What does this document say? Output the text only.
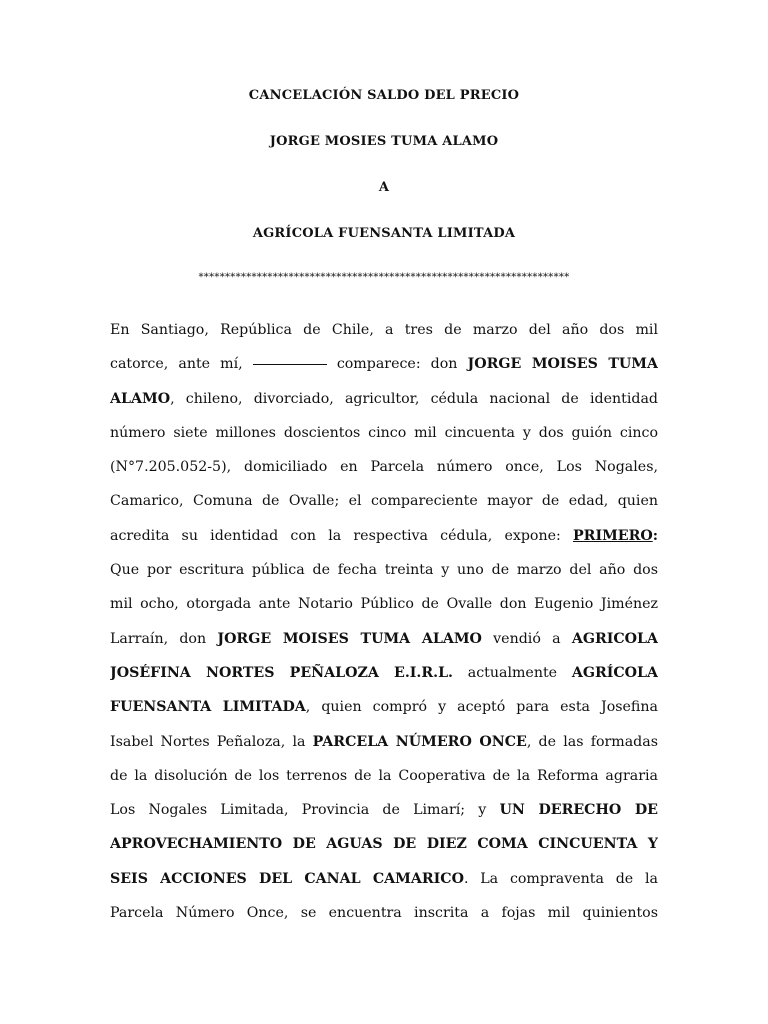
CANCELACIÓN SALDO DEL PRECIO
JORGE MOSIES TUMA ALAMO
A
AGRÍCOLA FUENSANTA LIMITADA
**********************************************************************
En Santiago, República de Chile, a tres de marzo del año dos mil
catorce, ante mí,	comparece: don JORGE MOISES TUMA
ALAMO, chileno, divorciado, agricultor, cédula nacional de identidad
número siete millones doscientos cinco mil cincuenta y dos guión cinco
(N°7.205.052-5), domiciliado en Parcela número once, Los Nogales,
Camarico, Comuna de Ovalle; el compareciente mayor de edad, quien
acredita su identidad con la respectiva cédula, expone: PRIMERO:
Que por escritura pública de fecha treinta y uno de marzo del año dos
mil ocho, otorgada ante Notario Público de Ovalle don Eugenio Jiménez
Larraín, don JORGE MOISES TUMA ALAMO vendió a AGRICOLA
JOSÉFINA NORTES PEÑALOZA E.I.R.L. actualmente AGRÍCOLA
FUENSANTA LIMITADA, quien compró y aceptó para esta Josefina
Isabel Nortes Peñaloza, la PARCELA NÚMERO ONCE, de las formadas
de la disolución de los terrenos de la Cooperativa de la Reforma agraria
Los Nogales Limitada, Provincia de Limarí; y UN DERECHO DE
APROVECHAMIENTO DE AGUAS DE DIEZ COMA CINCUENTA Y
SEIS ACCIONES DEL CANAL CAMARICO. La compraventa de la
Parcela Número Once, se encuentra inscrita a fojas mil quinientos
